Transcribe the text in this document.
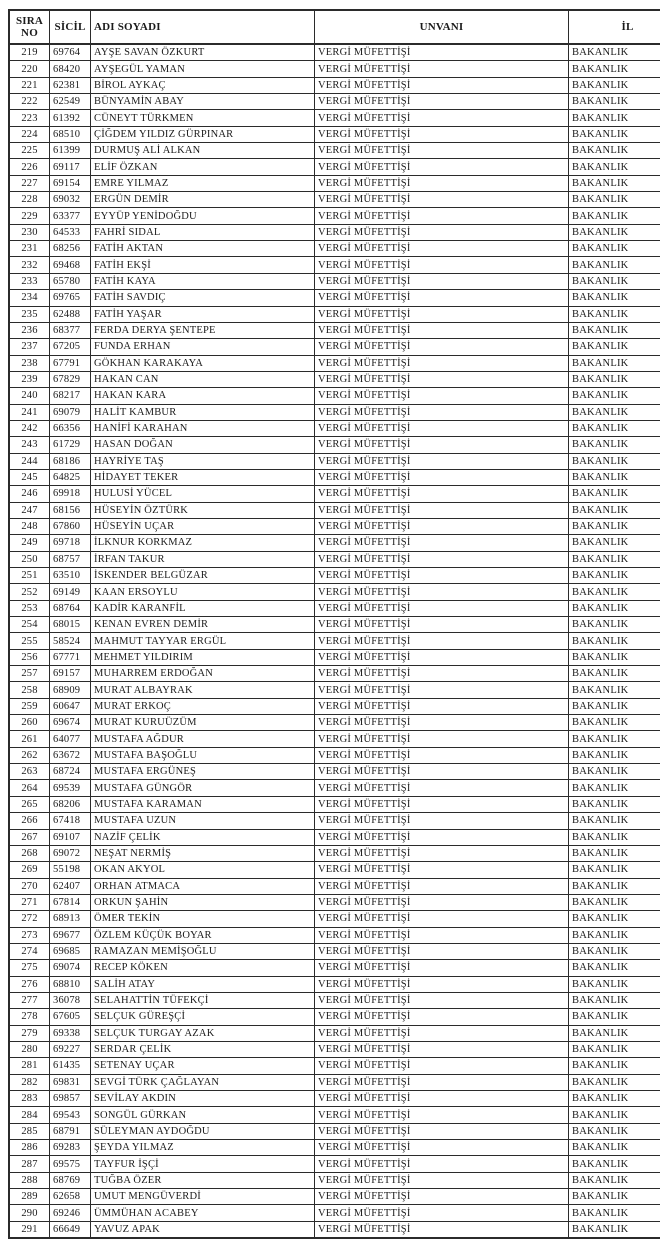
SIRA NO	SİCİL	ADI SOYADI	UNVANI	İL
219	69764	AYŞE SAVAN ÖZKURT	VERGİ MÜFETTİŞİ	BAKANLIK
220	68420	AYŞEGÜL YAMAN	VERGİ MÜFETTİŞİ	BAKANLIK
221	62381	BİROL AYKAÇ	VERGİ MÜFETTİŞİ	BAKANLIK
222	62549	BÜNYAMİN ABAY	VERGİ MÜFETTİŞİ	BAKANLIK
223	61392	CÜNEYT TÜRKMEN	VERGİ MÜFETTİŞİ	BAKANLIK
224	68510	ÇİĞDEM YILDIZ GÜRPINAR	VERGİ MÜFETTİŞİ	BAKANLIK
225	61399	DURMUŞ ALİ ALKAN	VERGİ MÜFETTİŞİ	BAKANLIK
226	69117	ELİF ÖZKAN	VERGİ MÜFETTİŞİ	BAKANLIK
227	69154	EMRE YILMAZ	VERGİ MÜFETTİŞİ	BAKANLIK
228	69032	ERGÜN DEMİR	VERGİ MÜFETTİŞİ	BAKANLIK
229	63377	EYYÜP YENİDOĞDU	VERGİ MÜFETTİŞİ	BAKANLIK
230	64533	FAHRİ SIDAL	VERGİ MÜFETTİŞİ	BAKANLIK
231	68256	FATİH AKTAN	VERGİ MÜFETTİŞİ	BAKANLIK
232	69468	FATİH EKŞİ	VERGİ MÜFETTİŞİ	BAKANLIK
233	65780	FATİH KAYA	VERGİ MÜFETTİŞİ	BAKANLIK
234	69765	FATİH SAVDIÇ	VERGİ MÜFETTİŞİ	BAKANLIK
235	62488	FATİH YAŞAR	VERGİ MÜFETTİŞİ	BAKANLIK
236	68377	FERDA DERYA ŞENTEPE	VERGİ MÜFETTİŞİ	BAKANLIK
237	67205	FUNDA ERHAN	VERGİ MÜFETTİŞİ	BAKANLIK
238	67791	GÖKHAN KARAKAYA	VERGİ MÜFETTİŞİ	BAKANLIK
239	67829	HAKAN CAN	VERGİ MÜFETTİŞİ	BAKANLIK
240	68217	HAKAN KARA	VERGİ MÜFETTİŞİ	BAKANLIK
241	69079	HALİT KAMBUR	VERGİ MÜFETTİŞİ	BAKANLIK
242	66356	HANİFİ KARAHAN	VERGİ MÜFETTİŞİ	BAKANLIK
243	61729	HASAN DOĞAN	VERGİ MÜFETTİŞİ	BAKANLIK
244	68186	HAYRİYE TAŞ	VERGİ MÜFETTİŞİ	BAKANLIK
245	64825	HİDAYET TEKER	VERGİ MÜFETTİŞİ	BAKANLIK
246	69918	HULUSİ YÜCEL	VERGİ MÜFETTİŞİ	BAKANLIK
247	68156	HÜSEYİN ÖZTÜRK	VERGİ MÜFETTİŞİ	BAKANLIK
248	67860	HÜSEYİN UÇAR	VERGİ MÜFETTİŞİ	BAKANLIK
249	69718	İLKNUR KORKMAZ	VERGİ MÜFETTİŞİ	BAKANLIK
250	68757	İRFAN TAKUR	VERGİ MÜFETTİŞİ	BAKANLIK
251	63510	İSKENDER BELGÜZAR	VERGİ MÜFETTİŞİ	BAKANLIK
252	69149	KAAN ERSOYLU	VERGİ MÜFETTİŞİ	BAKANLIK
253	68764	KADİR KARANFİL	VERGİ MÜFETTİŞİ	BAKANLIK
254	68015	KENAN EVREN DEMİR	VERGİ MÜFETTİŞİ	BAKANLIK
255	58524	MAHMUT TAYYAR ERGÜL	VERGİ MÜFETTİŞİ	BAKANLIK
256	67771	MEHMET YILDIRIM	VERGİ MÜFETTİŞİ	BAKANLIK
257	69157	MUHARREM ERDOĞAN	VERGİ MÜFETTİŞİ	BAKANLIK
258	68909	MURAT ALBAYRAK	VERGİ MÜFETTİŞİ	BAKANLIK
259	60647	MURAT ERKOÇ	VERGİ MÜFETTİŞİ	BAKANLIK
260	69674	MURAT KURUÜZÜM	VERGİ MÜFETTİŞİ	BAKANLIK
261	64077	MUSTAFA AĞDUR	VERGİ MÜFETTİŞİ	BAKANLIK
262	63672	MUSTAFA BAŞOĞLU	VERGİ MÜFETTİŞİ	BAKANLIK
263	68724	MUSTAFA ERGÜNEŞ	VERGİ MÜFETTİŞİ	BAKANLIK
264	69539	MUSTAFA GÜNGÖR	VERGİ MÜFETTİŞİ	BAKANLIK
265	68206	MUSTAFA KARAMAN	VERGİ MÜFETTİŞİ	BAKANLIK
266	67418	MUSTAFA UZUN	VERGİ MÜFETTİŞİ	BAKANLIK
267	69107	NAZİF ÇELİK	VERGİ MÜFETTİŞİ	BAKANLIK
268	69072	NEŞAT NERMİŞ	VERGİ MÜFETTİŞİ	BAKANLIK
269	55198	OKAN AKYOL	VERGİ MÜFETTİŞİ	BAKANLIK
270	62407	ORHAN ATMACA	VERGİ MÜFETTİŞİ	BAKANLIK
271	67814	ORKUN ŞAHİN	VERGİ MÜFETTİŞİ	BAKANLIK
272	68913	ÖMER TEKİN	VERGİ MÜFETTİŞİ	BAKANLIK
273	69677	ÖZLEM KÜÇÜK BOYAR	VERGİ MÜFETTİŞİ	BAKANLIK
274	69685	RAMAZAN MEMİŞOĞLU	VERGİ MÜFETTİŞİ	BAKANLIK
275	69074	RECEP KÖKEN	VERGİ MÜFETTİŞİ	BAKANLIK
276	68810	SALİH ATAY	VERGİ MÜFETTİŞİ	BAKANLIK
277	36078	SELAHATTİN TÜFEKÇİ	VERGİ MÜFETTİŞİ	BAKANLIK
278	67605	SELÇUK GÜREŞÇİ	VERGİ MÜFETTİŞİ	BAKANLIK
279	69338	SELÇUK TURGAY AZAK	VERGİ MÜFETTİŞİ	BAKANLIK
280	69227	SERDAR ÇELİK	VERGİ MÜFETTİŞİ	BAKANLIK
281	61435	SETENAY UÇAR	VERGİ MÜFETTİŞİ	BAKANLIK
282	69831	SEVGİ TÜRK ÇAĞLAYAN	VERGİ MÜFETTİŞİ	BAKANLIK
283	69857	SEVİLAY AKDIN	VERGİ MÜFETTİŞİ	BAKANLIK
284	69543	SONGÜL GÜRKAN	VERGİ MÜFETTİŞİ	BAKANLIK
285	68791	SÜLEYMAN AYDOĞDU	VERGİ MÜFETTİŞİ	BAKANLIK
286	69283	ŞEYDA YILMAZ	VERGİ MÜFETTİŞİ	BAKANLIK
287	69575	TAYFUR İŞÇİ	VERGİ MÜFETTİŞİ	BAKANLIK
288	68769	TUĞBA ÖZER	VERGİ MÜFETTİŞİ	BAKANLIK
289	62658	UMUT MENGÜVERDİ	VERGİ MÜFETTİŞİ	BAKANLIK
290	69246	ÜMMÜHAN ACABEY	VERGİ MÜFETTİŞİ	BAKANLIK
291	66649	YAVUZ APAK	VERGİ MÜFETTİŞİ	BAKANLIK
